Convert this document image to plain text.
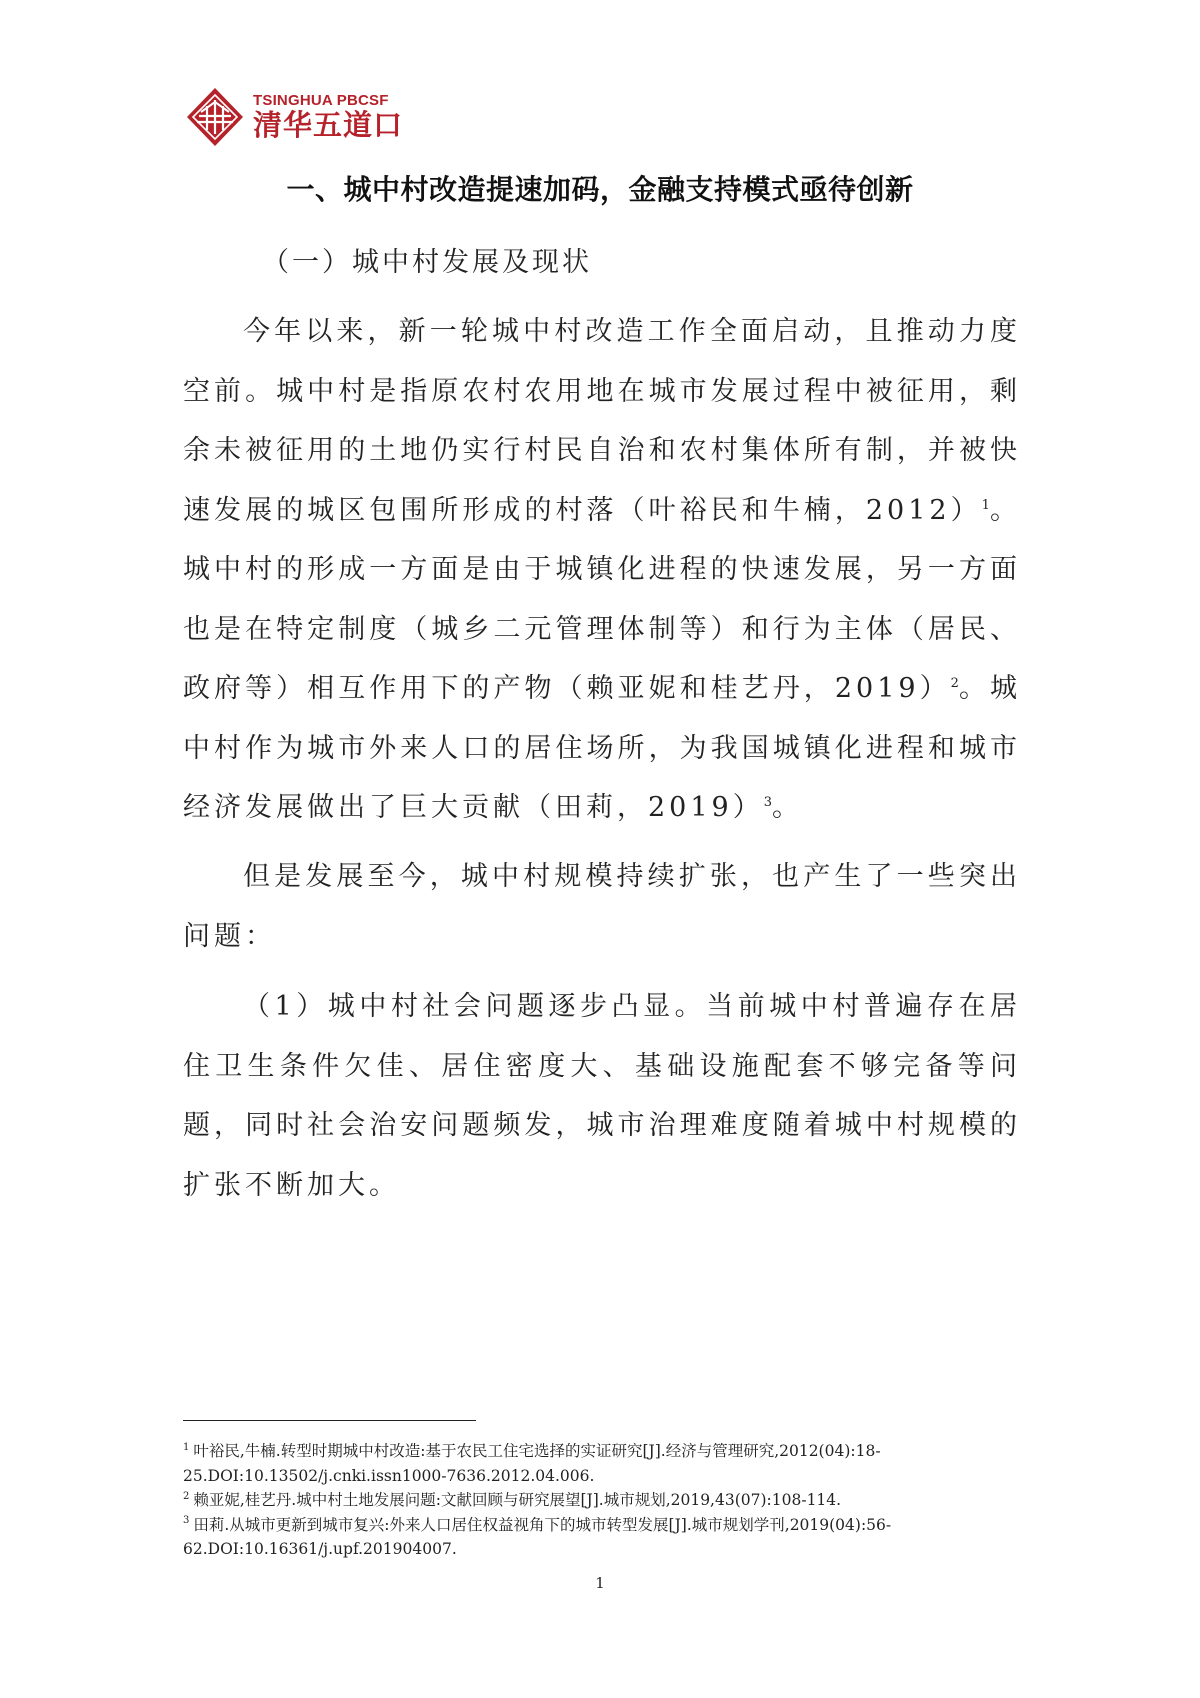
TSINGHUA PBCSF
清华五道口
一、城中村改造提速加码，金融支持模式亟待创新
（一）城中村发展及现状

今年以来，新一轮城中村改造工作全面启动，且推动力度空前。城中村是指原农村农用地在城市发展过程中被征用，剩余未被征用的土地仍实行村民自治和农村集体所有制，并被快速发展的城区包围所形成的村落（叶裕民和牛楠，2012）$^1$。城中村的形成一方面是由于城镇化进程的快速发展，另一方面也是在特定制度（城乡二元管理体制等）和行为主体（居民、政府等）相互作用下的产物（赖亚妮和桂艺丹，2019）$^2$。城中村作为城市外来人口的居住场所，为我国城镇化进程和城市经济发展做出了巨大贡献（田莉，2019）$^3$。

但是发展至今，城中村规模持续扩张，也产生了一些突出问题：

（1）城中村社会问题逐步凸显。当前城中村普遍存在居住卫生条件欠佳、居住密度大、基础设施配套不够完备等问题，同时社会治安问题频发，城市治理难度随着城中村规模的扩张不断加大。

$^1$ 叶裕民,牛楠.转型时期城中村改造:基于农民工住宅选择的实证研究[J].经济与管理研究,2012(04):18-25.DOI:10.13502/j.cnki.issn1000-7636.2012.04.006.

$^2$ 赖亚妮,桂艺丹.城中村土地发展问题:文献回顾与研究展望[J].城市规划,2019,43(07):108-114.

$^3$ 田莉.从城市更新到城市复兴:外来人口居住权益视角下的城市转型发展[J].城市规划学刊,2019(04):56-62.DOI:10.16361/j.upf.201904007.

1
